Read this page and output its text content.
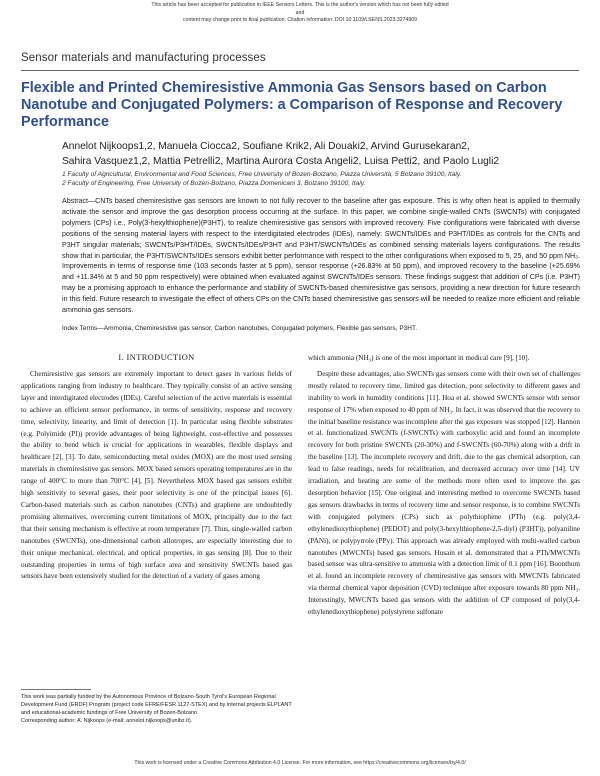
This article has been accepted for publication in IEEE Sensors Letters. This is the author's version which has not been fully edited and
content may change prior to final publication. Citation information: DOI 10.1109/LSENS.2023.3274909
Sensor materials and manufacturing processes
Flexible and Printed Chemiresistive Ammonia Gas Sensors based on Carbon Nanotube and Conjugated Polymers: a Comparison of Response and Recovery Performance
Annelot Nijkoops1,2, Manuela Ciocca2, Soufiane Krik2, Ali Douaki2, Arvind Gurusekaran2,
Sahira Vasquez1,2, Mattia Petrelli2, Martina Aurora Costa Angeli2, Luisa Petti2, and Paolo Lugli2
1 Faculty of Agricultural, Environmental and Food Sciences, Free University of Bozen-Bolzano, Piazza Università, 5 Bolzano 39100, Italy.
2 Faculty of Engineering, Free University of Bozen-Bolzano, Piazza Domenicani 3, Bolzano 39100, Italy.
Abstract—CNTs based chemiresistive gas sensors are known to not fully recover to the baseline after gas exposure. This is why often heat is applied to thermally activate the sensor and improve the gas desorption process occurring at the surface. In this paper, we combine single-walled CNTs (SWCNTs) with conjugated polymers (CPs) i.e., Poly(3-hexylthiophene)(P3HT), to realize chemiresistive gas sensors with improved recovery. Five configurations were fabricated with diverse positions of the sensing material layers with respect to the interdigitated electrodes (IDEs), namely: SWCNTs/IDEs and P3HT/IDEs as controls for the CNTs and P3HT singular materials; SWCNTs/P3HT/IDEs, SWCNTs/IDEs/P3HT and P3HT/SWCNTs/IDEs as combined sensing materials layers configurations. The results show that in particular, the P3HT/SWCNTs/IDEs sensors exhibit better performance with respect to the other configurations when exposed to 5, 25, and 50 ppm NH₃. Improvements in terms of response time (103 seconds faster at 5 ppm), sensor response (+26.83% at 50 ppm), and improved recovery to the baseline (+25.69% and +11.34% at 5 and 50 ppm respectively) were obtained when evaluated against SWCNTs/IDEs sensors. These findings suggest that addition of CPs (i.e. P3HT) may be a promising approach to enhance the performance and stability of SWCNTs-based chemiresistive gas sensors, providing a new direction for future research in this field. Future research to investigate the effect of others CPs on the CNTs based chemiresistive gas sensors will be needed to realize more efficient and reliable ammonia gas sensors.
Index Terms—Ammonia, Chemiresistive gas sensor, Carbon nanotubes, Conjugated polymers, Flexible gas sensors, P3HT.
I. INTRODUCTION

Chemiresistive gas sensors are extremely important to detect gases in various fields of applications ranging from industry to healthcare. They typically consist of an active sensing layer and interdigitated electrodes (IDEs). Careful selection of the active materials is essential to achieve an efficient sensor performance, in terms of sensitivity, response and recovery time, selectivity, linearity, and limit of detection [1]. In particular using flexible substrates (e.g. Polyimide (PI)) provide advantages of being lightweight, cost-effective and possesses the ability to bend which is crucial for applications in wearables, flexible displays and healthcare [2], [3]. To date, semiconducting metal oxides (MOX) are the most used sensing materials in chemiresistive gas sensors. MOX based sensors operating temperatures are in the range of 400°C to more than 700°C [4], [5]. Nevertheless MOX based gas sensors exhibit high sensitivity to several gases, their poor selectivity is one of the principal issues [6]. Carbon-based materials such as carbon nanotubes (CNTs) and graphene are undoubtedly promising alternatives, overcoming current limitations of MOX, principally due to the fact that their sensing mechanism is effective at room temperature [7]. Thus, single-walled carbon nanotubes (SWCNTs), one-dimensional carbon allotropes, are especially interesting due to their unique mechanical, electrical, and optical properties, in gas sensing [8]. Due to their outstanding properties in terms of high surface area and sensitivity SWCNTs based gas sensors have been extensively studied for the detection of a variety of gases among

which ammonia (NH₃) is one of the most important in medical care [9], [10].

Despite these advantages, also SWCNTs gas sensors come with their own set of challenges mostly related to recovery time, limited gas detection, poor selectivity to different gases and inability to work in humidity conditions [11]. Hoa et al. showed SWCNTs sensor with sensor response of 17% when exposed to 40 ppm of NH₃. In fact, it was observed that the recovery to the initial baseline resistance was incomplete after the gas exposure was stopped [12]. Hannon et al. functionalized SWCNTs (f-SWCNTs) with carboxylic acid and found an incomplete recovery for both pristine SWCNTs (20-30%) and f-SWCNTs (60-70%) along with a drift in the baseline [13]. The incomplete recovery and drift, due to the gas chemical adsorption, can lead to false readings, needs for recalibration, and decreased accuracy over time [14]. UV irradiation, and heating are some of the methods more often used to improve the gas desorption behavior [15]. One original and interesting method to overcome SWCNTs based gas sensors drawbacks in terms of recovery time and sensor response, is to combine SWCNTs with conjugated polymers (CPs) such as polythiophene (PTh) (e.g. poly(3,4-ethylenedioxythiophene) (PEDOT) and poly(3-hexylthiophene-2,5-diyl) (P3HT)), polyaniline (PANi), or polypyrrole (PPy). This approach was already employed with multi-walled carbon nanotubes (MWCNTs) based gas sensors. Husain et al. demonstrated that a PTh/MWCNTs based sensor was ultra-sensitive to ammonia with a detection limit of 0.1 ppm [16]. Boonthum et al. found an incomplete recovery of chemiresistive gas sensors with MWCNTs fabricated via thermal chemical vapor deposition (CVD) technique after exposure towards 80 ppm NH₃. Interestingly, MWCNTs based gas sensors with the addition of CP composed of poly(3,4-ethylenedioxythiophene) polystyrene sulfonate

This work was partially funded by the Autonomous Province of Bolzano-South Tyrol's European Regional Development Fund (ERDF) Program (project code EFRE/FESR 1127-STEX) and by internal projects ELPLANT and educational-academic fundings of Free University of Bozen-Bolzano.

Corresponding author: A. Nijkoops (e-mail: annelot.nijkoops@unibz.it).

This work is licensed under a Creative Commons Attribution 4.0 License. For more information, see https://creativecommons.org/licenses/by/4.0/
